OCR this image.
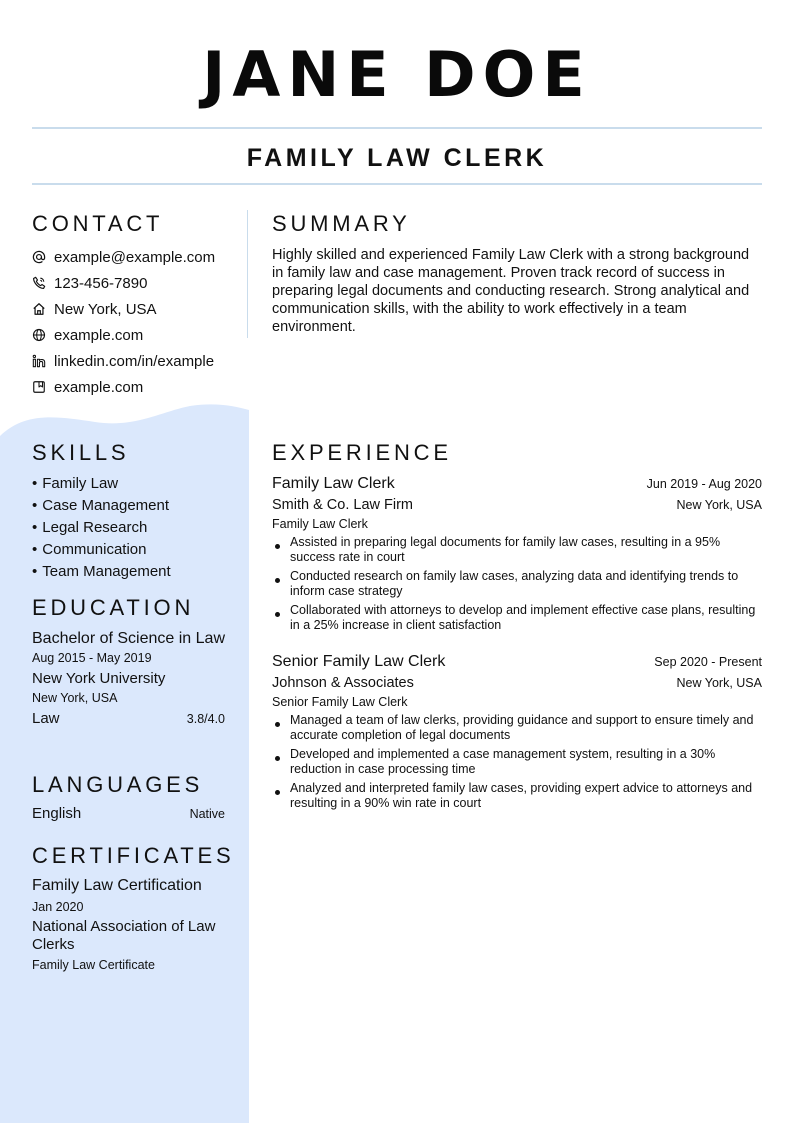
JANE DOE
FAMILY LAW CLERK
CONTACT
example@example.com
123-456-7890
New York, USA
example.com
linkedin.com/in/example
example.com
SUMMARY

Highly skilled and experienced Family Law Clerk with a strong background in family law and case management. Proven track record of success in preparing legal documents and conducting research. Strong analytical and communication skills, with the ability to work effectively in a team environment.

SKILLS
• Family Law
• Case Management
• Legal Research
• Communication
• Team Management
EDUCATION
Bachelor of Science in Law
Aug 2015 - May 2019
New York University
New York, USA
Law	3.8/4.0
LANGUAGES
English	Native
CERTIFICATES
Family Law Certification
Jan 2020
National Association of Law Clerks
Family Law Certificate
EXPERIENCE
Family Law Clerk	Jun 2019 - Aug 2020
Smith & Co. Law Firm	New York, USA
Family Law Clerk
Assisted in preparing legal documents for family law cases, resulting in a 95% success rate in court
Conducted research on family law cases, analyzing data and identifying trends to inform case strategy
Collaborated with attorneys to develop and implement effective case plans, resulting in a 25% increase in client satisfaction
Senior Family Law Clerk	Sep 2020 - Present
Johnson & Associates	New York, USA
Senior Family Law Clerk
Managed a team of law clerks, providing guidance and support to ensure timely and accurate completion of legal documents
Developed and implemented a case management system, resulting in a 30% reduction in case processing time
Analyzed and interpreted family law cases, providing expert advice to attorneys and resulting in a 90% win rate in court
